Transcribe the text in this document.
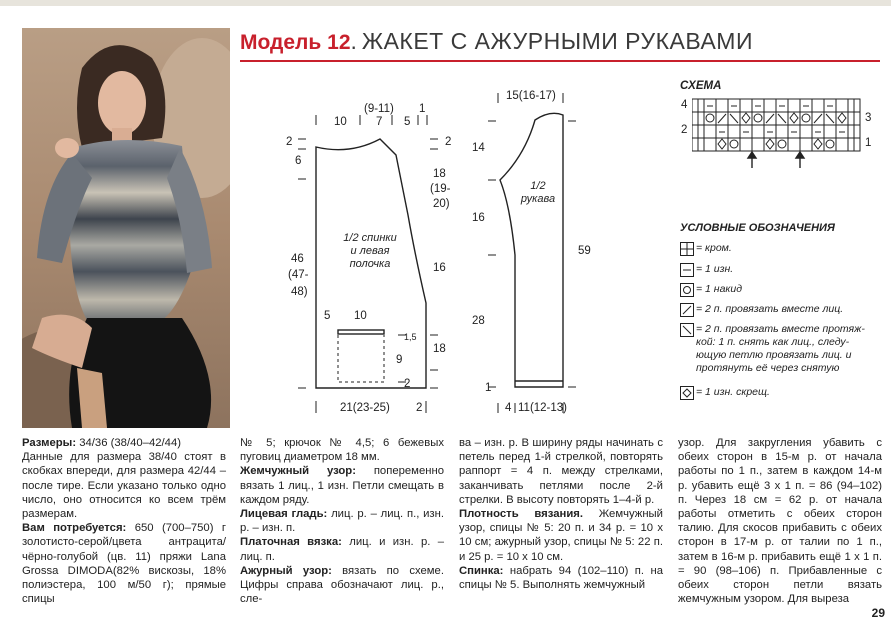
Модель 12. ЖАКЕТ С АЖУРНЫМИ РУКАВАМИ
(9-11)
10	7 5
1
2
6
2
18
(19-
20)
16
18
46
(47-
48)
1/2 спинки
и левая
полочка
5 10
1,5
9
2
21(23-25) 2
15(16-17)
14
16
28
59
1/2
рукава
4 11(12-13)
1
СХЕМА
4
2
3
1
УСЛОВНЫЕ ОБОЗНАЧЕНИЯ
= кром.
= 1 изн.
= 1 накид
= 2 п. провязать вместе лиц.
= 2 п. провязать вместе протяж-
кой: 1 п. снять как лиц., следу-
ющую петлю провязать лиц. и
протянуть её через снятую
= 1 изн. скрещ.

Размеры: 34/36 (38/40–42/44)

Данные для размера 38/40 стоят в скобках впереди, для размера 42/44 – после тире. Если указано только одно число, оно относится ко всем трём размерам.

Вам потребуется: 650 (700–750) г золотисто-серой/цвета антрацита/чёрно-голубой (цв. 11) пряжи Lana Grossa DIMODA(82% вискозы, 18% полиэстера, 100 м/50 г); прямые спицы

№ 5; крючок № 4,5; 6 бежевых пуговиц диаметром 18 мм.

Жемчужный узор: попеременно вязать 1 лиц., 1 изн. Петли смещать в каждом ряду.

Лицевая гладь: лиц. р. – лиц. п., изн. р. – изн. п.

Платочная вязка: лиц. и изн. р. – лиц. п.

Ажурный узор: вязать по схеме. Цифры справа обозначают лиц. р., сле-

ва – изн. р. В ширину ряды начинать с петель перед 1-й стрелкой, повторять раппорт = 4 п. между стрелками, заканчивать петлями после 2-й стрелки. В высоту повторять 1–4-й р.

Плотность вязания. Жемчужный узор, спицы № 5: 20 п. и 34 р. = 10 х 10 см; ажурный узор, спицы № 5: 22 п. и 25 р. = 10 х 10 см.

Спинка: набрать 94 (102–110) п. на спицы № 5. Выполнять жемчужный

узор. Для закругления убавить с обеих сторон в 15-м р. от начала работы по 1 п., затем в каждом 14-м р. убавить ещё 3 х 1 п. = 86 (94–102) п. Через 18 см = 62 р. от начала работы отметить с обеих сторон талию. Для скосов прибавить с обеих сторон в 17-м р. от талии по 1 п., затем в 16-м р. прибавить ещё 1 х 1 п. = 90 (98–106) п. Прибавленные с обеих сторон петли вязать жемчужным узором. Для выреза

29
